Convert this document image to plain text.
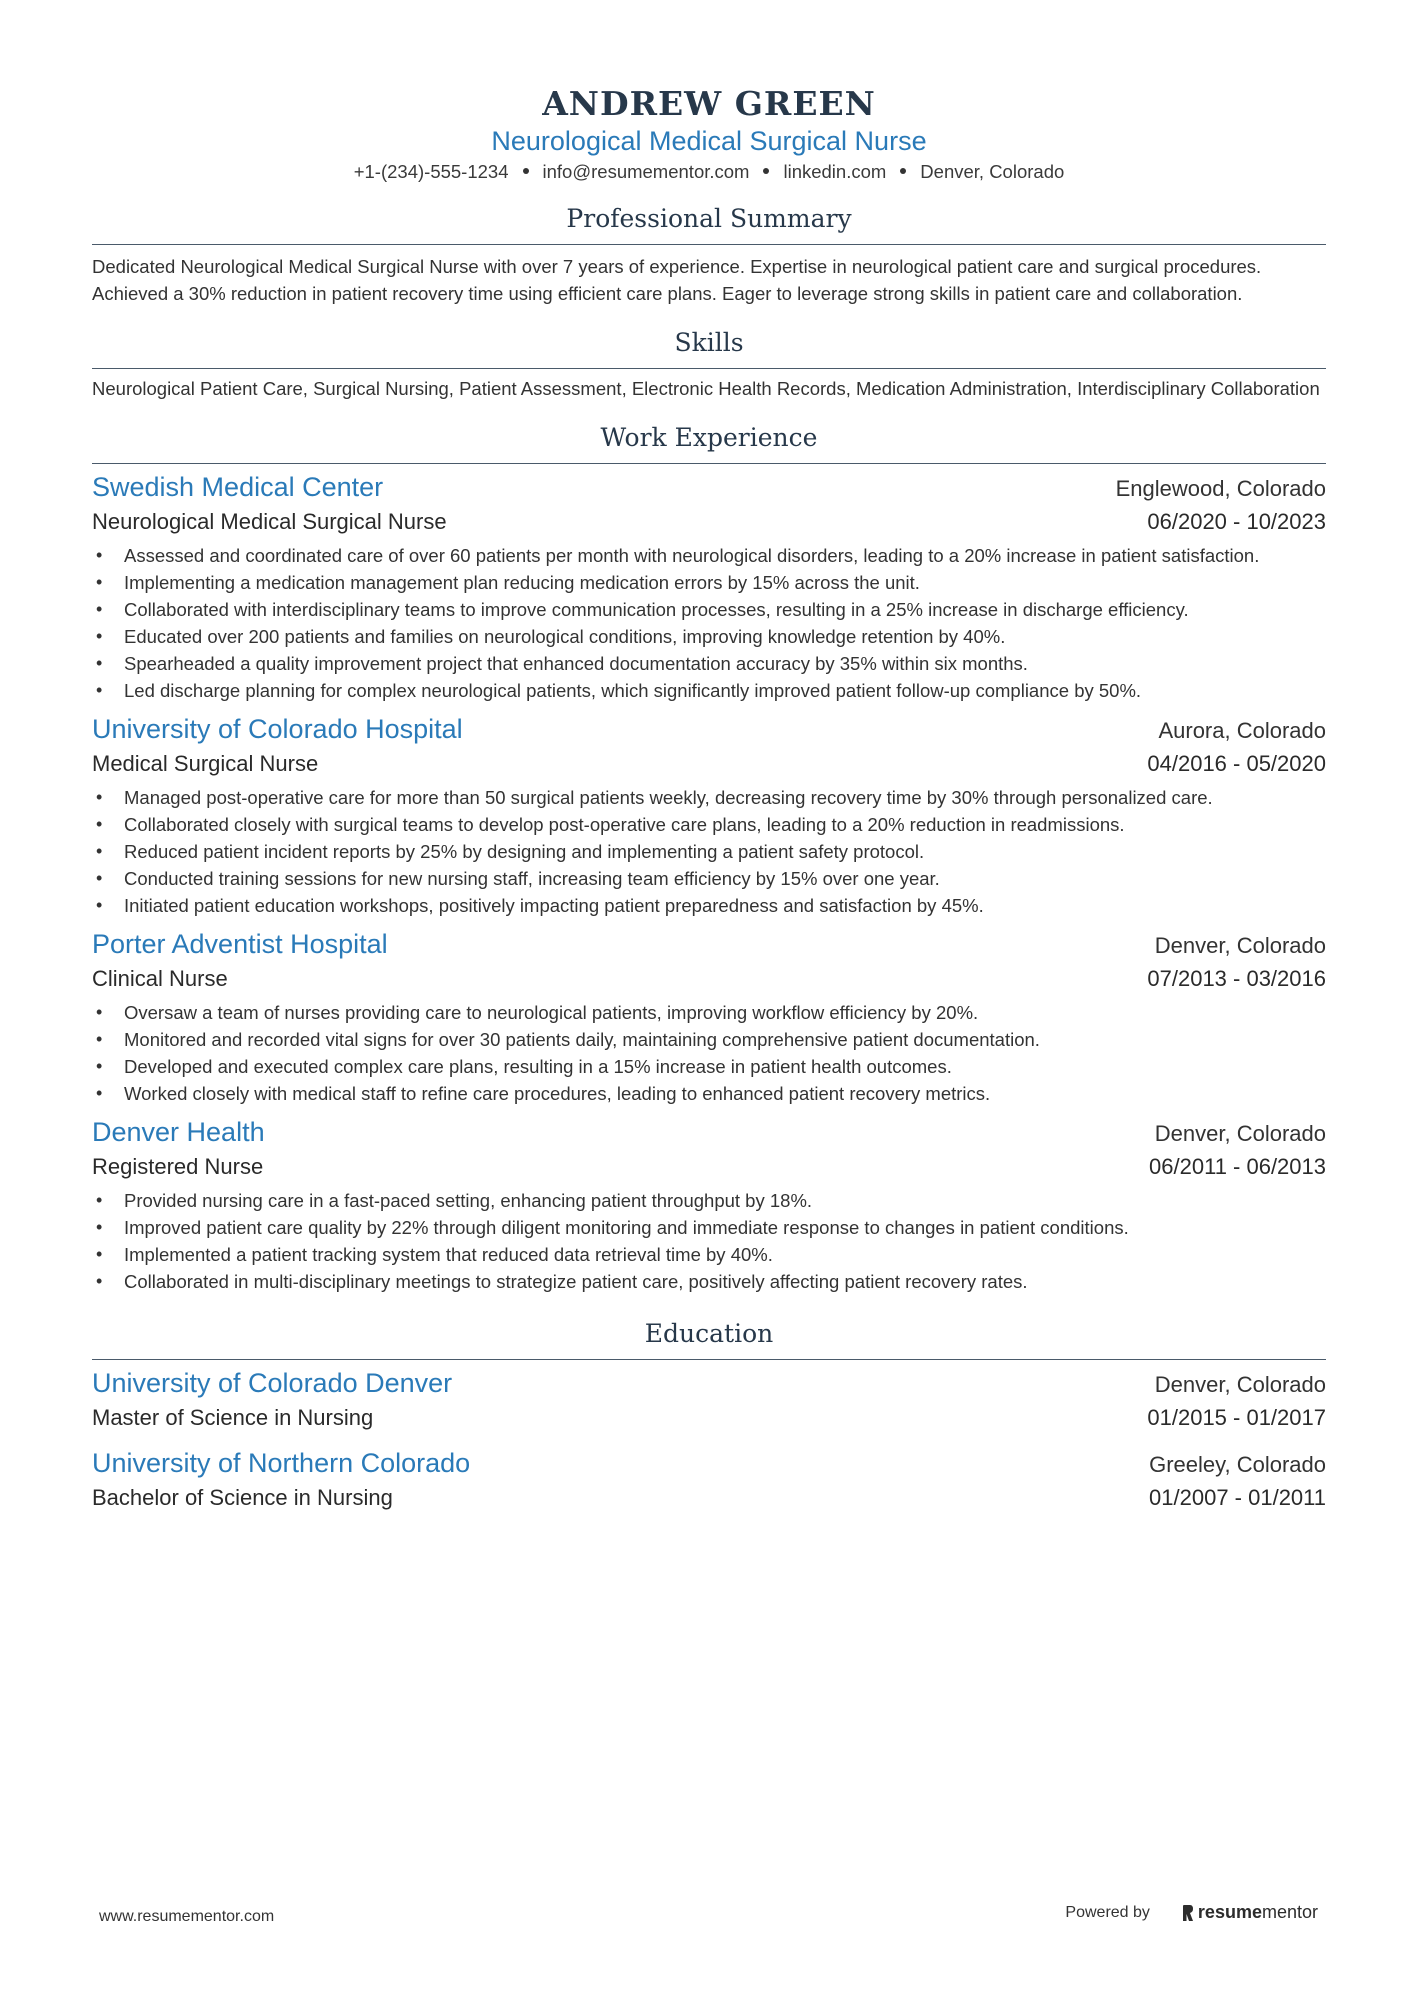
ANDREW GREEN
Neurological Medical Surgical Nurse
+1-(234)-555-1234 info@resumementor.com linkedin.com Denver, Colorado
Professional Summary
Dedicated Neurological Medical Surgical Nurse with over 7 years of experience. Expertise in neurological patient care and surgical procedures. Achieved a 30% reduction in patient recovery time using efficient care plans. Eager to leverage strong skills in patient care and collaboration.
Skills
Neurological Patient Care, Surgical Nursing, Patient Assessment, Electronic Health Records, Medication Administration, Interdisciplinary Collaboration
Work Experience
Swedish Medical Center	Englewood, Colorado
Neurological Medical Surgical Nurse	06/2020 - 10/2023
• Assessed and coordinated care of over 60 patients per month with neurological disorders, leading to a 20% increase in patient satisfaction.
• Implementing a medication management plan reducing medication errors by 15% across the unit.
• Collaborated with interdisciplinary teams to improve communication processes, resulting in a 25% increase in discharge efficiency.
• Educated over 200 patients and families on neurological conditions, improving knowledge retention by 40%.
• Spearheaded a quality improvement project that enhanced documentation accuracy by 35% within six months.
• Led discharge planning for complex neurological patients, which significantly improved patient follow-up compliance by 50%.
University of Colorado Hospital	Aurora, Colorado
Medical Surgical Nurse	04/2016 - 05/2020
• Managed post-operative care for more than 50 surgical patients weekly, decreasing recovery time by 30% through personalized care.
• Collaborated closely with surgical teams to develop post-operative care plans, leading to a 20% reduction in readmissions.
• Reduced patient incident reports by 25% by designing and implementing a patient safety protocol.
• Conducted training sessions for new nursing staff, increasing team efficiency by 15% over one year.
• Initiated patient education workshops, positively impacting patient preparedness and satisfaction by 45%.
Porter Adventist Hospital	Denver, Colorado
Clinical Nurse	07/2013 - 03/2016
• Oversaw a team of nurses providing care to neurological patients, improving workflow efficiency by 20%.
• Monitored and recorded vital signs for over 30 patients daily, maintaining comprehensive patient documentation.
• Developed and executed complex care plans, resulting in a 15% increase in patient health outcomes.
• Worked closely with medical staff to refine care procedures, leading to enhanced patient recovery metrics.
Denver Health	Denver, Colorado
Registered Nurse	06/2011 - 06/2013
• Provided nursing care in a fast-paced setting, enhancing patient throughput by 18%.
• Improved patient care quality by 22% through diligent monitoring and immediate response to changes in patient conditions.
• Implemented a patient tracking system that reduced data retrieval time by 40%.
• Collaborated in multi-disciplinary meetings to strategize patient care, positively affecting patient recovery rates.
Education
University of Colorado Denver	Denver, Colorado
Master of Science in Nursing	01/2015 - 01/2017
University of Northern Colorado	Greeley, Colorado
Bachelor of Science in Nursing	01/2007 - 01/2011
www.resumementor.com	Powered by	resumementor
